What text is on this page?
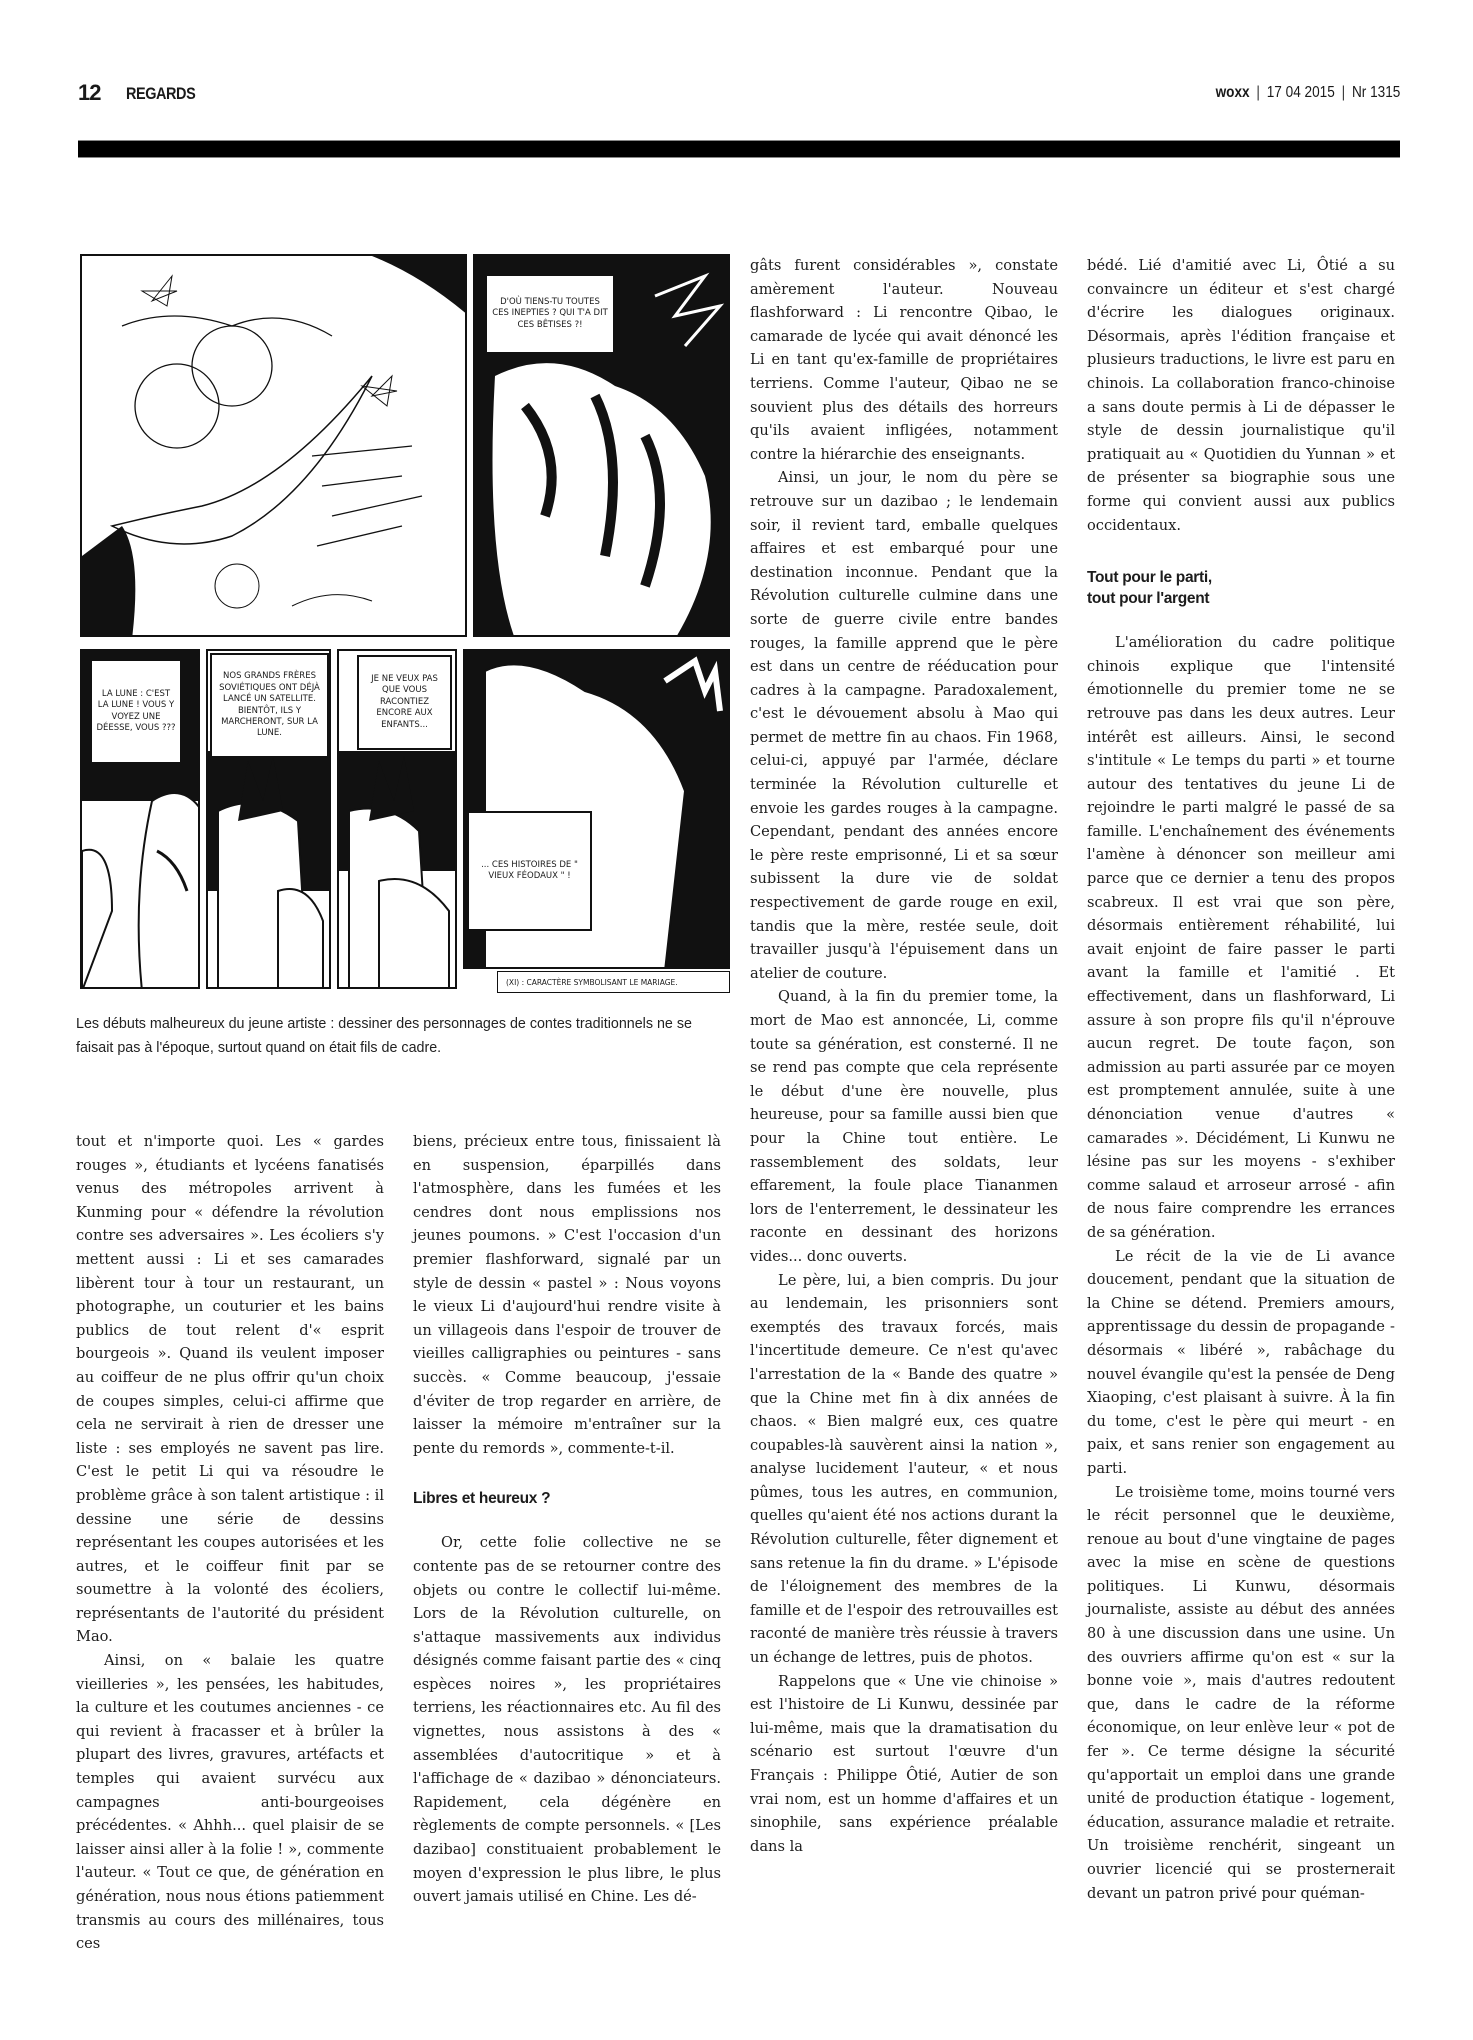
12 REGARDS	woxx | 17 04 2015 | Nr 1315
D'OÙ TIENS-TU TOUTES CES INEPTIES ? QUI T'A DIT CES BÊTISES ?!
LA LUNE : C'EST LA LUNE ! VOUS Y VOYEZ UNE DÉESSE, VOUS ???
NOS GRANDS FRÈRES SOVIÉTIQUES ONT DÉJÀ LANCÉ UN SATELLITE. BIENTÔT, ILS Y MARCHERONT, SUR LA LUNE.
JE NE VEUX PAS QUE VOUS RACONTIEZ ENCORE AUX ENFANTS...
... CES HISTOIRES DE " VIEUX FÉODAUX " !
(XI) : CARACTÈRE SYMBOLISANT LE MARIAGE.
Les débuts malheureux du jeune artiste : dessiner des personnages de contes traditionnels ne se faisait pas à l'époque, surtout quand on était fils de cadre.

tout et n'importe quoi. Les « gardes rouges », étudiants et lycéens fanatisés venus des métropoles arrivent à Kunming pour « défendre la révolution contre ses adversaires ». Les écoliers s'y mettent aussi : Li et ses camarades libèrent tour à tour un restaurant, un photographe, un couturier et les bains publics de tout relent d'« esprit bourgeois ». Quand ils veulent imposer au coiffeur de ne plus offrir qu'un choix de coupes simples, celui-ci affirme que cela ne servirait à rien de dresser une liste : ses employés ne savent pas lire. C'est le petit Li qui va résoudre le problème grâce à son talent artistique : il dessine une série de dessins représentant les coupes autorisées et les autres, et le coiffeur finit par se soumettre à la volonté des écoliers, représentants de l'autorité du président Mao.

Ainsi, on « balaie les quatre vieilleries », les pensées, les habitudes, la culture et les coutumes anciennes - ce qui revient à fracasser et à brûler la plupart des livres, gravures, artéfacts et temples qui avaient survécu aux campagnes anti-bourgeoises précédentes. « Ahhh... quel plaisir de se laisser ainsi aller à la folie ! », commente l'auteur. « Tout ce que, de génération en génération, nous nous étions patiemment transmis au cours des millénaires, tous ces

biens, précieux entre tous, finissaient là en suspension, éparpillés dans l'atmosphère, dans les fumées et les cendres dont nous emplissions nos jeunes poumons. » C'est l'occasion d'un premier flashforward, signalé par un style de dessin « pastel » : Nous voyons le vieux Li d'aujourd'hui rendre visite à un villageois dans l'espoir de trouver de vieilles calligraphies ou peintures - sans succès. « Comme beaucoup, j'essaie d'éviter de trop regarder en arrière, de laisser la mémoire m'entraîner sur la pente du remords », commente-t-il.

Libres et heureux ?

Or, cette folie collective ne se contente pas de se retourner contre des objets ou contre le collectif lui-même. Lors de la Révolution culturelle, on s'attaque massivements aux individus désignés comme faisant partie des « cinq espèces noires », les propriétaires terriens, les réactionnaires etc. Au fil des vignettes, nous assistons à des « assemblées d'autocritique » et à l'affichage de « dazibao » dénonciateurs. Rapidement, cela dégénère en règlements de compte personnels. « [Les dazibao] constituaient probablement le moyen d'expression le plus libre, le plus ouvert jamais utilisé en Chine. Les dé-

gâts furent considérables », constate amèrement l'auteur. Nouveau flashforward : Li rencontre Qibao, le camarade de lycée qui avait dénoncé les Li en tant qu'ex-famille de propriétaires terriens. Comme l'auteur, Qibao ne se souvient plus des détails des horreurs qu'ils avaient infligées, notamment contre la hiérarchie des enseignants.

Ainsi, un jour, le nom du père se retrouve sur un dazibao ; le lendemain soir, il revient tard, emballe quelques affaires et est embarqué pour une destination inconnue. Pendant que la Révolution culturelle culmine dans une sorte de guerre civile entre bandes rouges, la famille apprend que le père est dans un centre de rééducation pour cadres à la campagne. Paradoxalement, c'est le dévouement absolu à Mao qui permet de mettre fin au chaos. Fin 1968, celui-ci, appuyé par l'armée, déclare terminée la Révolution culturelle et envoie les gardes rouges à la campagne. Cependant, pendant des années encore le père reste emprisonné, Li et sa sœur subissent la dure vie de soldat respectivement de garde rouge en exil, tandis que la mère, restée seule, doit travailler jusqu'à l'épuisement dans un atelier de couture.

Quand, à la fin du premier tome, la mort de Mao est annoncée, Li, comme toute sa génération, est consterné. Il ne se rend pas compte que cela représente le début d'une ère nouvelle, plus heureuse, pour sa famille aussi bien que pour la Chine tout entière. Le rassemblement des soldats, leur effarement, la foule place Tiananmen lors de l'enterrement, le dessinateur les raconte en dessinant des horizons vides... donc ouverts.

Le père, lui, a bien compris. Du jour au lendemain, les prisonniers sont exemptés des travaux forcés, mais l'incertitude demeure. Ce n'est qu'avec l'arrestation de la « Bande des quatre » que la Chine met fin à dix années de chaos. « Bien malgré eux, ces quatre coupables-là sauvèrent ainsi la nation », analyse lucidement l'auteur, « et nous pûmes, tous les autres, en communion, quelles qu'aient été nos actions durant la Révolution culturelle, fêter dignement et sans retenue la fin du drame. » L'épisode de l'éloignement des membres de la famille et de l'espoir des retrouvailles est raconté de manière très réussie à travers un échange de lettres, puis de photos.

Rappelons que « Une vie chinoise » est l'histoire de Li Kunwu, dessinée par lui-même, mais que la dramatisation du scénario est surtout l'œuvre d'un Français : Philippe Ôtié, Autier de son vrai nom, est un homme d'affaires et un sinophile, sans expérience préalable dans la

bédé. Lié d'amitié avec Li, Ôtié a su convaincre un éditeur et s'est chargé d'écrire les dialogues originaux. Désormais, après l'édition française et plusieurs traductions, le livre est paru en chinois. La collaboration franco-chinoise a sans doute permis à Li de dépasser le style de dessin journalistique qu'il pratiquait au « Quotidien du Yunnan » et de présenter sa biographie sous une forme qui convient aussi aux publics occidentaux.

Tout pour le parti,
tout pour l'argent

L'amélioration du cadre politique chinois explique que l'intensité émotionnelle du premier tome ne se retrouve pas dans les deux autres. Leur intérêt est ailleurs. Ainsi, le second s'intitule « Le temps du parti » et tourne autour des tentatives du jeune Li de rejoindre le parti malgré le passé de sa famille. L'enchaînement des événements l'amène à dénoncer son meilleur ami parce que ce dernier a tenu des propos scabreux. Il est vrai que son père, désormais entièrement réhabilité, lui avait enjoint de faire passer le parti avant la famille et l'amitié . Et effectivement, dans un flashforward, Li assure à son propre fils qu'il n'éprouve aucun regret. De toute façon, son admission au parti assurée par ce moyen est promptement annulée, suite à une dénonciation venue d'autres « camarades ». Décidément, Li Kunwu ne lésine pas sur les moyens - s'exhiber comme salaud et arroseur arrosé - afin de nous faire comprendre les errances de sa génération.

Le récit de la vie de Li avance doucement, pendant que la situation de la Chine se détend. Premiers amours, apprentissage du dessin de propagande - désormais « libéré », rabâchage du nouvel évangile qu'est la pensée de Deng Xiaoping, c'est plaisant à suivre. À la fin du tome, c'est le père qui meurt - en paix, et sans renier son engagement au parti.

Le troisième tome, moins tourné vers le récit personnel que le deuxième, renoue au bout d'une vingtaine de pages avec la mise en scène de questions politiques. Li Kunwu, désormais journaliste, assiste au début des années 80 à une discussion dans une usine. Un des ouvriers affirme qu'on est « sur la bonne voie », mais d'autres redoutent que, dans le cadre de la réforme économique, on leur enlève leur « pot de fer ». Ce terme désigne la sécurité qu'apportait un emploi dans une grande unité de production étatique - logement, éducation, assurance maladie et retraite. Un troisième renchérit, singeant un ouvrier licencié qui se prosternerait devant un patron privé pour quéman-
